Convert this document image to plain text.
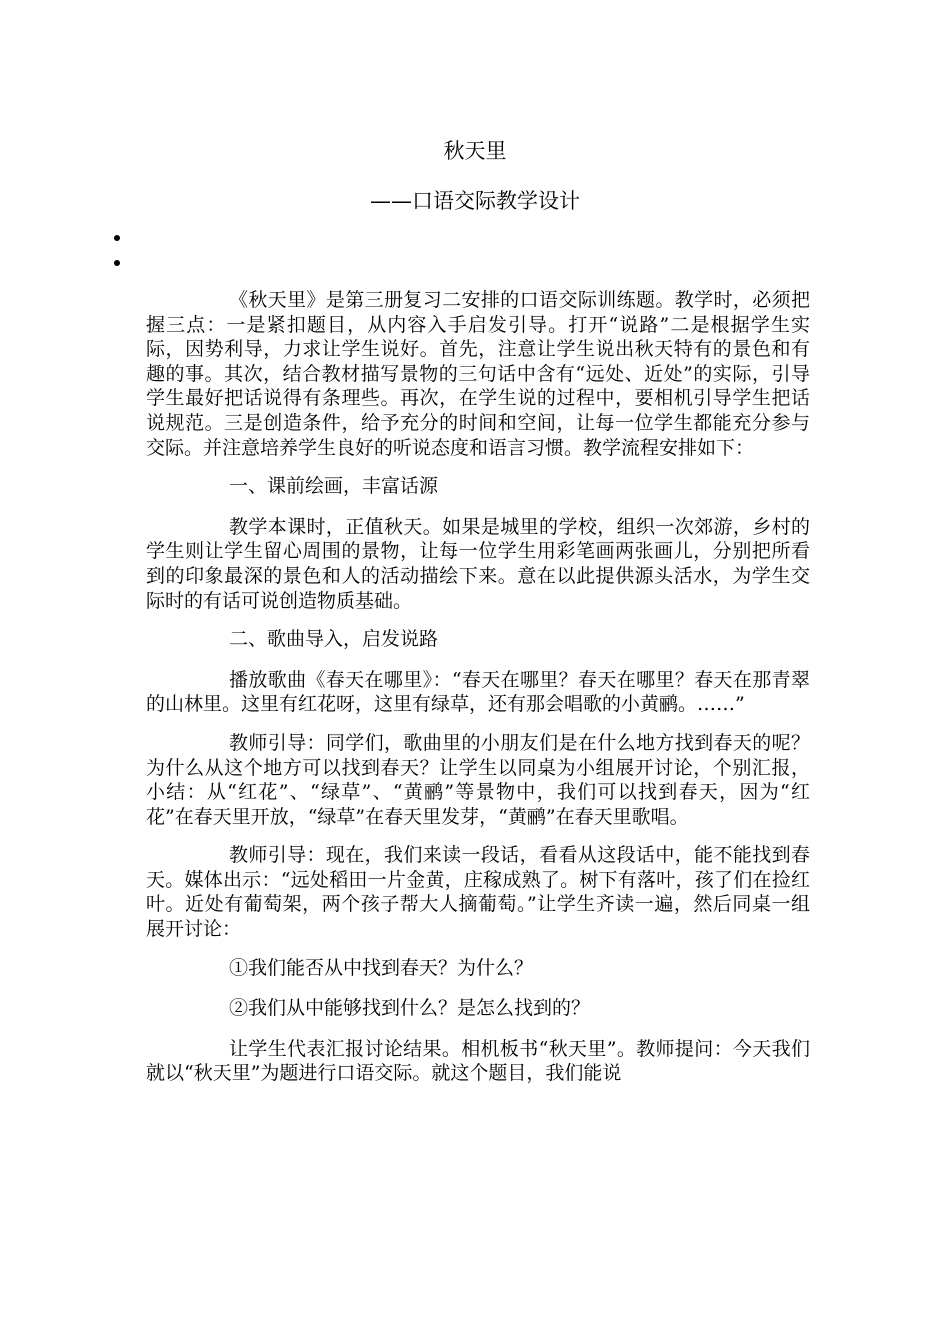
秋天里
——口语交际教学设计

《秋天里》是第三册复习二安排的口语交际训练题。教学时，必须把握三点：一是紧扣题目，从内容入手启发引导。打开“说路”二是根据学生实际，因势利导，力求让学生说好。首先，注意让学生说出秋天特有的景色和有趣的事。其次，结合教材描写景物的三句话中含有“远处、近处”的实际，引导学生最好把话说得有条理些。再次，在学生说的过程中，要相机引导学生把话说规范。三是创造条件，给予充分的时间和空间，让每一位学生都能充分参与交际。并注意培养学生良好的听说态度和语言习惯。教学流程安排如下：

一、课前绘画，丰富话源

教学本课时，正值秋天。如果是城里的学校，组织一次郊游，乡村的学生则让学生留心周围的景物，让每一位学生用彩笔画两张画儿，分别把所看到的印象最深的景色和人的活动描绘下来。意在以此提供源头活水，为学生交际时的有话可说创造物质基础。

二、歌曲导入，启发说路

播放歌曲《春天在哪里》：“春天在哪里？春天在哪里？春天在那青翠的山林里。这里有红花呀，这里有绿草，还有那会唱歌的小黄鹂。……”

教师引导：同学们，歌曲里的小朋友们是在什么地方找到春天的呢？为什么从这个地方可以找到春天？让学生以同桌为小组展开讨论，个别汇报，小结：从“红花”、“绿草”、“黄鹂”等景物中，我们可以找到春天，因为“红花”在春天里开放，“绿草”在春天里发芽，“黄鹂”在春天里歌唱。

教师引导：现在，我们来读一段话，看看从这段话中，能不能找到春天。媒体出示：“远处稻田一片金黄，庄稼成熟了。树下有落叶，孩了们在捡红叶。近处有葡萄架，两个孩子帮大人摘葡萄。”让学生齐读一遍，然后同桌一组展开讨论：

①我们能否从中找到春天？为什么？

②我们从中能够找到什么？是怎么找到的？

让学生代表汇报讨论结果。相机板书“秋天里”。教师提问：今天我们就以“秋天里”为题进行口语交际。就这个题目，我们能说
